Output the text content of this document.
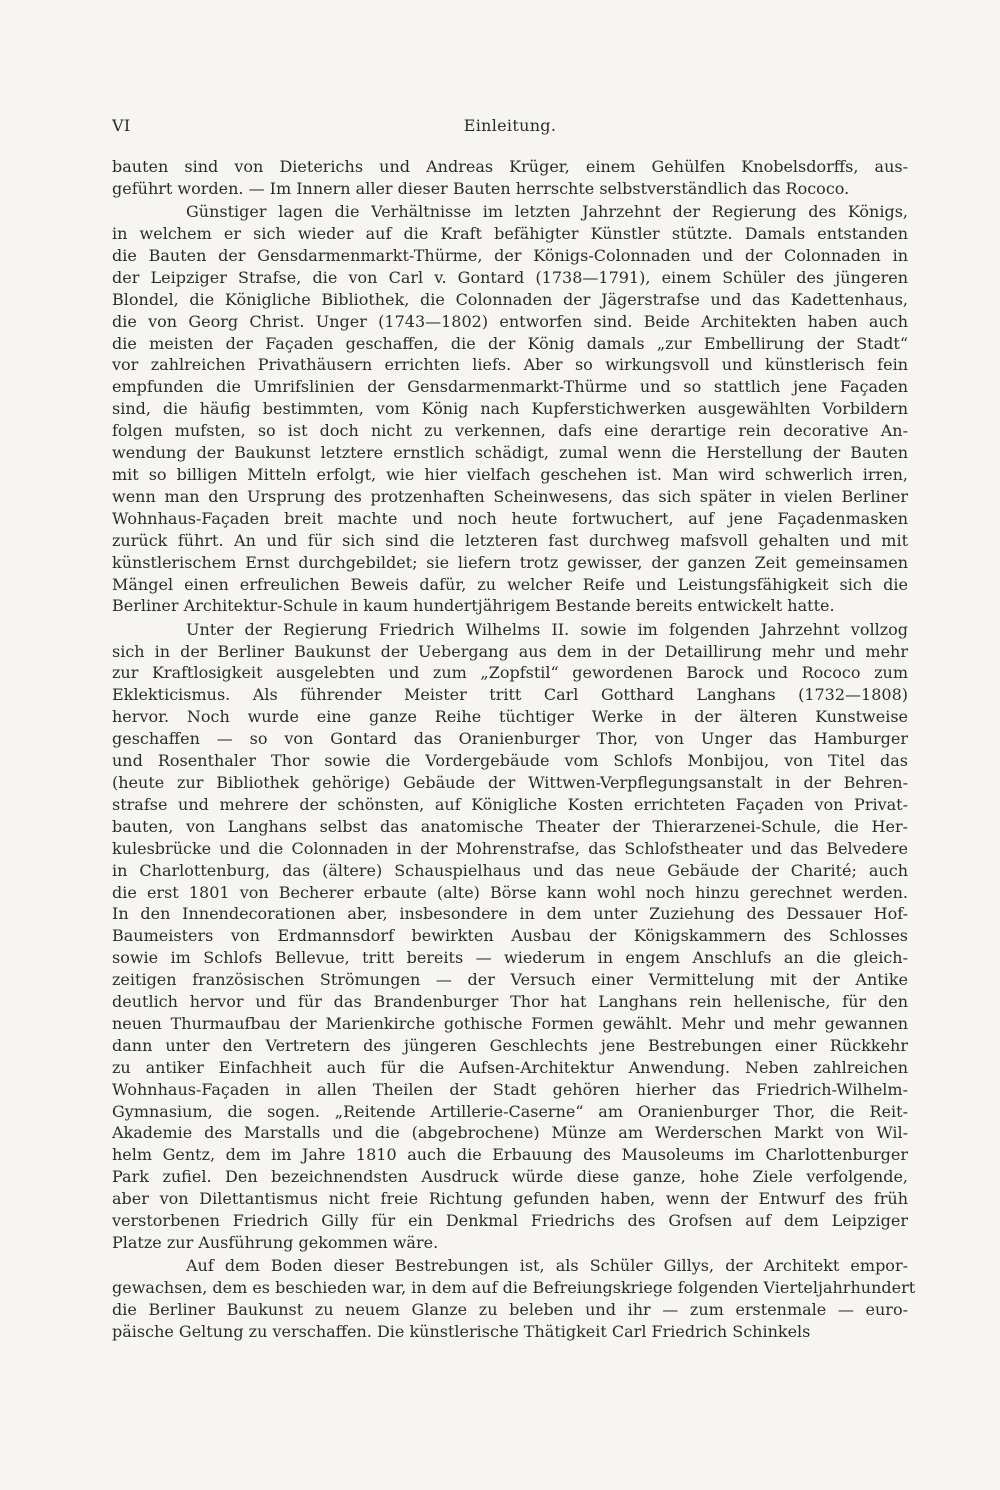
VI	Einleitung.
bauten sind von Dieterichs und Andreas Krüger, einem Gehülfen Knobelsdorffs, aus-
geführt worden. — Im Innern aller dieser Bauten herrschte selbstverständlich das Rococo.
Günstiger lagen die Verhältnisse im letzten Jahrzehnt der Regierung des Königs,
in welchem er sich wieder auf die Kraft befähigter Künstler stützte. Damals entstanden
die Bauten der Gensdarmenmarkt-Thürme, der Königs-Colonnaden und der Colonnaden in
der Leipziger Strafse, die von Carl v. Gontard (1738—1791), einem Schüler des jüngeren
Blondel, die Königliche Bibliothek, die Colonnaden der Jägerstrafse und das Kadettenhaus,
die von Georg Christ. Unger (1743—1802) entworfen sind. Beide Architekten haben auch
die meisten der Façaden geschaffen, die der König damals „zur Embellirung der Stadt“
vor zahlreichen Privathäusern errichten liefs. Aber so wirkungsvoll und künstlerisch fein
empfunden die Umrifslinien der Gensdarmenmarkt-Thürme und so stattlich jene Façaden
sind, die häufig bestimmten, vom König nach Kupferstichwerken ausgewählten Vorbildern
folgen mufsten, so ist doch nicht zu verkennen, dafs eine derartige rein decorative An-
wendung der Baukunst letztere ernstlich schädigt, zumal wenn die Herstellung der Bauten
mit so billigen Mitteln erfolgt, wie hier vielfach geschehen ist. Man wird schwerlich irren,
wenn man den Ursprung des protzenhaften Scheinwesens, das sich später in vielen Berliner
Wohnhaus-Façaden breit machte und noch heute fortwuchert, auf jene Façadenmasken
zurück führt. An und für sich sind die letzteren fast durchweg mafsvoll gehalten und mit
künstlerischem Ernst durchgebildet; sie liefern trotz gewisser, der ganzen Zeit gemeinsamen
Mängel einen erfreulichen Beweis dafür, zu welcher Reife und Leistungsfähigkeit sich die
Berliner Architektur-Schule in kaum hundertjährigem Bestande bereits entwickelt hatte.
Unter der Regierung Friedrich Wilhelms II. sowie im folgenden Jahrzehnt vollzog
sich in der Berliner Baukunst der Uebergang aus dem in der Detaillirung mehr und mehr
zur Kraftlosigkeit ausgelebten und zum „Zopfstil“ gewordenen Barock und Rococo zum
Eklekticismus. Als führender Meister tritt Carl Gotthard Langhans (1732—1808)
hervor. Noch wurde eine ganze Reihe tüchtiger Werke in der älteren Kunstweise
geschaffen — so von Gontard das Oranienburger Thor, von Unger das Hamburger
und Rosenthaler Thor sowie die Vordergebäude vom Schlofs Monbijou, von Titel das
(heute zur Bibliothek gehörige) Gebäude der Wittwen-Verpflegungsanstalt in der Behren-
strafse und mehrere der schönsten, auf Königliche Kosten errichteten Façaden von Privat-
bauten, von Langhans selbst das anatomische Theater der Thierarzenei-Schule, die Her-
kulesbrücke und die Colonnaden in der Mohrenstrafse, das Schlofstheater und das Belvedere
in Charlottenburg, das (ältere) Schauspielhaus und das neue Gebäude der Charité; auch
die erst 1801 von Becherer erbaute (alte) Börse kann wohl noch hinzu gerechnet werden.
In den Innendecorationen aber, insbesondere in dem unter Zuziehung des Dessauer Hof-
Baumeisters von Erdmannsdorf bewirkten Ausbau der Königskammern des Schlosses
sowie im Schlofs Bellevue, tritt bereits — wiederum in engem Anschlufs an die gleich-
zeitigen französischen Strömungen — der Versuch einer Vermittelung mit der Antike
deutlich hervor und für das Brandenburger Thor hat Langhans rein hellenische, für den
neuen Thurmaufbau der Marienkirche gothische Formen gewählt. Mehr und mehr gewannen
dann unter den Vertretern des jüngeren Geschlechts jene Bestrebungen einer Rückkehr
zu antiker Einfachheit auch für die Aufsen-Architektur Anwendung. Neben zahlreichen
Wohnhaus-Façaden in allen Theilen der Stadt gehören hierher das Friedrich-Wilhelm-
Gymnasium, die sogen. „Reitende Artillerie-Caserne“ am Oranienburger Thor, die Reit-
Akademie des Marstalls und die (abgebrochene) Münze am Werderschen Markt von Wil-
helm Gentz, dem im Jahre 1810 auch die Erbauung des Mausoleums im Charlottenburger
Park zufiel. Den bezeichnendsten Ausdruck würde diese ganze, hohe Ziele verfolgende,
aber von Dilettantismus nicht freie Richtung gefunden haben, wenn der Entwurf des früh
verstorbenen Friedrich Gilly für ein Denkmal Friedrichs des Grofsen auf dem Leipziger
Platze zur Ausführung gekommen wäre.
Auf dem Boden dieser Bestrebungen ist, als Schüler Gillys, der Architekt empor-
gewachsen, dem es beschieden war, in dem auf die Befreiungskriege folgenden Vierteljahrhundert
die Berliner Baukunst zu neuem Glanze zu beleben und ihr — zum erstenmale — euro-
päische Geltung zu verschaffen. Die künstlerische Thätigkeit Carl Friedrich Schinkels
